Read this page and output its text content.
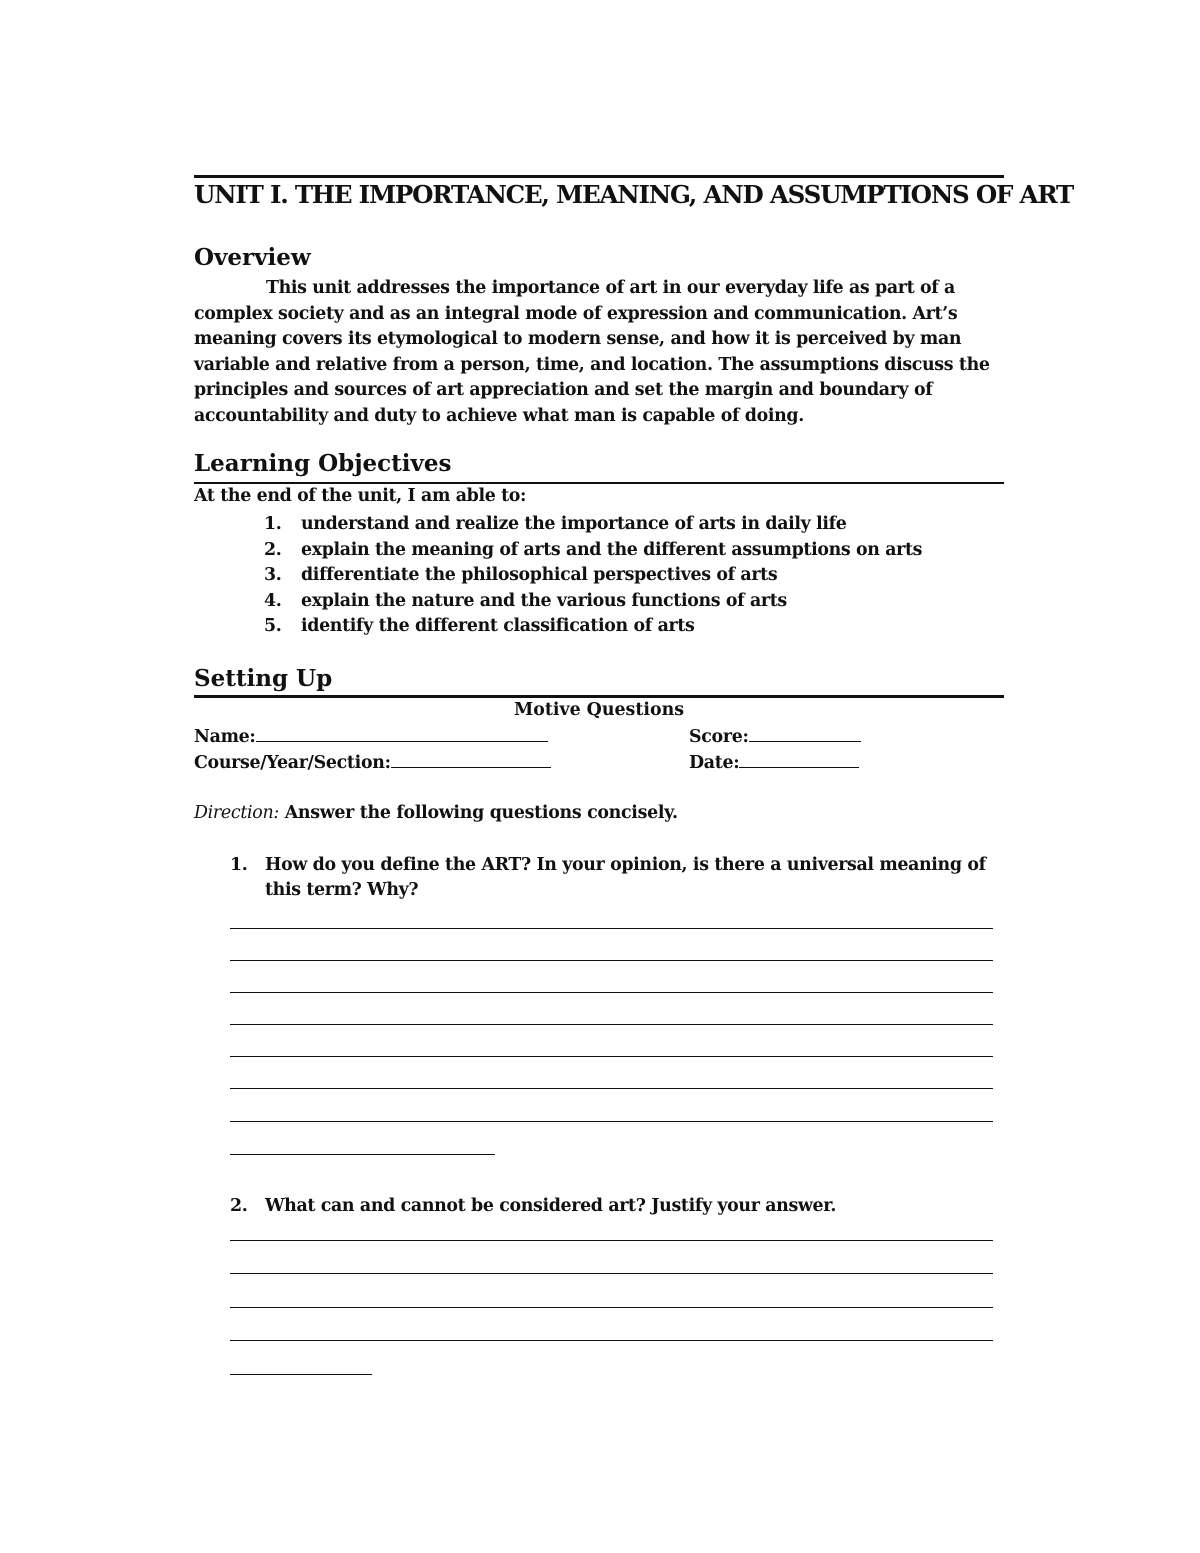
UNIT I. THE IMPORTANCE, MEANING, AND ASSUMPTIONS OF ART
Overview
This unit addresses the importance of art in our everyday life as part of a complex society and as an integral mode of expression and communication. Art’s meaning covers its etymological to modern sense, and how it is perceived by man variable and relative from a person, time, and location. The assumptions discuss the principles and sources of art appreciation and set the margin and boundary of accountability and duty to achieve what man is capable of doing.
Learning Objectives
At the end of the unit, I am able to:
1. understand and realize the importance of arts in daily life
2. explain the meaning of arts and the different assumptions on arts
3. differentiate the philosophical perspectives of arts
4. explain the nature and the various functions of arts
5. identify the different classification of arts
Setting Up
Motive Questions
Name:	Score:
Course/Year/Section:	Date:
Direction: Answer the following questions concisely.
1.	How do you define the ART? In your opinion, is there a universal meaning of this term? Why?
2.	What can and cannot be considered art? Justify your answer.
